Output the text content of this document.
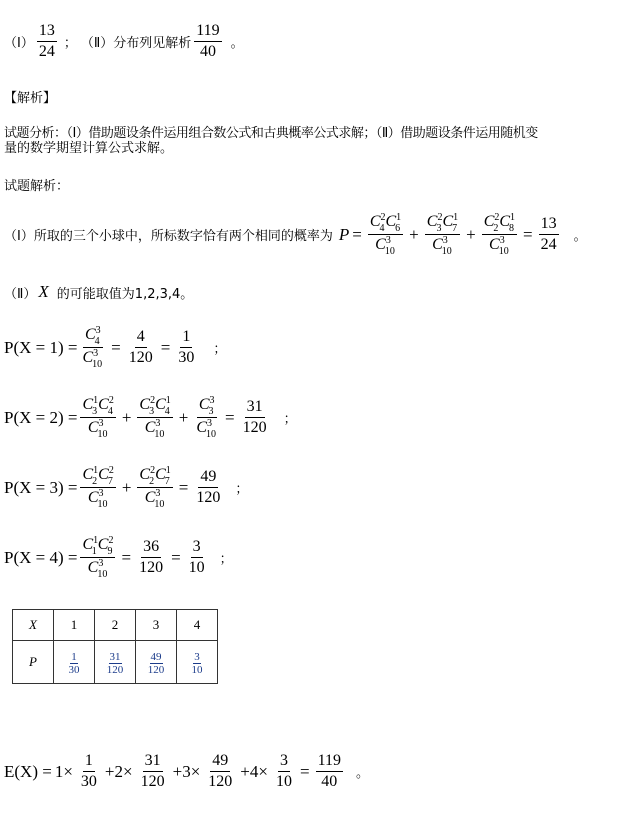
（Ⅰ） $\frac{13}{24}$ ； （Ⅱ）分布列见解析 $\frac{119}{40}$ 。
【解析】
试题分析：（Ⅰ）借助题设条件运用组合数公式和古典概率公式求解；（Ⅱ）借助题设条件运用随机变
量的数学期望计算公式求解。
试题解析：
（Ⅰ）所取的三个小球中，所标数字恰有两个相同的概率为 $P = \frac{C^2_4C^1_6}{C^3_{10}} + \frac{C^2_3C^1_7}{C^3_{10}} + \frac{C^2_2C^1_8}{C^3_{10}} = \frac{13}{24}$ 。
（Ⅱ） X 的可能取值为1,2,3,4。
$P(X = 1) = \frac{C^3_4}{C^3_{10}} = \frac{4}{120} = \frac{1}{30}$ ；
$P(X = 2) = \frac{C^1_3C^2_4}{C^3_{10}} + \frac{C^2_3C^1_4}{C^3_{10}} + \frac{C^3_3}{C^3_{10}} = \frac{31}{120}$ ；
$P(X = 3) = \frac{C^1_2C^2_7}{C^3_{10}} + \frac{C^2_2C^1_7}{C^3_{10}} = \frac{49}{120}$ ；
$P(X = 4) = \frac{C^1_1C^2_9}{C^3_{10}} = \frac{36}{120} = \frac{3}{10}$ ；
X	1	2	3	4
P	$\frac{1}{30}$	$\frac{31}{120}$	$\frac{49}{120}$	$\frac{3}{10}$
$E(X) = 1\times \frac{1}{30} +2\times \frac{31}{120} +3\times \frac{49}{120} +4\times \frac{3}{10} = \frac{119}{40}$ 。
